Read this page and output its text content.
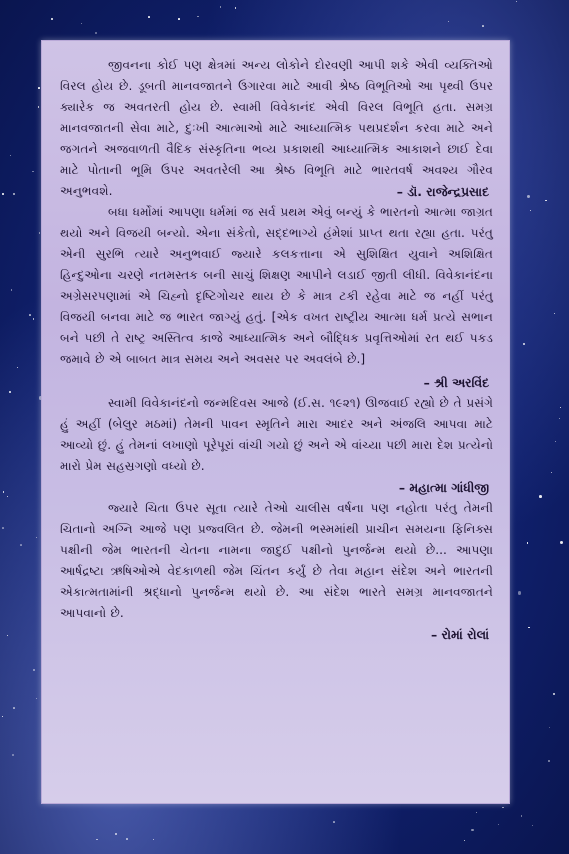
જીવનના કોઈ પણ ક્ષેત્રમાં અન્ય લોકોને દોરવણી આપી શકે એવી વ્યક્તિઓ વિરલ હોય છે. ડૂબતી માનવજાતને ઉગારવા માટે આવી શ્રેષ્ઠ વિભૂતિઓ આ પૃથ્વી ઉપર ક્યારેક જ અવતરતી હોય છે. સ્વામી વિવેકાનંદ એવી વિરલ વિભૂતિ હતા. સમગ્ર માનવજાતની સેવા માટે, દુઃખી આત્માઓ માટે આધ્યાત્મિક પથપ્રદર્શન કરવા માટે અને જગતને અજવાળતી વૈદિક સંસ્કૃતિના ભવ્ય પ્રકાશથી આધ્યાત્મિક આકાશને છાઈ દેવા માટે પોતાની ભૂમિ ઉપર અવતરેલી આ શ્રેષ્ઠ વિભૂતિ માટે ભારતવર્ષ અવશ્ય ગૌરવ અનુભવશે.	– ડૉ. રાજેન્દ્રપ્રસાદ

બધા ધર્મોમાં આપણા ધર્મમાં જ સર્વ પ્રથમ એવું બન્યું કે ભારતનો આત્મા જાગ્રત થયો અને વિજયી બન્યો. એના સંકેતો, સદ્દભાગ્યે હંમેશાં પ્રાપ્ત થતા રહ્યા હતા. પરંતુ એની સુરભિ ત્યારે અનુભવાઈ જ્યારે કલકત્તાના એ સુશિક્ષિત યુવાને અશિક્ષિત હિન્દુઓના ચરણે નતમસ્તક બની સાચું શિક્ષણ આપીને લડાઈ જીતી લીધી. વિવેકાનંદના અગ્રેસરપણામાં એ ચિહ્નો દૃષ્ટિગોચર થાય છે કે માત્ર ટકી રહેવા માટે જ નહીં પરંતુ વિજયી બનવા માટે જ ભારત જાગ્યું હતું. [એક વખત રાષ્ટ્રીય આત્મા ધર્મ પ્રત્યે સભાન બને પછી તે રાષ્ટ્ર અસ્તિત્વ કાજે આધ્યાત્મિક અને બૌદ્ધિક પ્રવૃત્તિઓમાં રત થઈ પકડ જમાવે છે એ બાબત માત્ર સમય અને અવસર પર અવલંબે છે.]

– શ્રી અરવિંદ

સ્વામી વિવેકાનંદનો જન્મદિવસ આજે (ઈ.સ. ૧૯૨૧) ઊજવાઈ રહ્યો છે તે પ્રસંગે હું અહીં (બેલુર મઠમાં) તેમની પાવન સ્મૃતિને મારા આદર અને અંજલિ આપવા માટે આવ્યો છું. હું તેમનાં લખાણો પૂરેપૂરાં વાંચી ગયો છું અને એ વાંચ્યા પછી મારા દેશ પ્રત્યેનો મારો પ્રેમ સહસ્રગણો વધ્યો છે.

– મહાત્મા ગાંધીજી

જ્યારે ચિતા ઉપર સૂતા ત્યારે તેઓ ચાલીસ વર્ષના પણ નહોતા પરંતુ તેમની ચિતાનો અગ્નિ આજે પણ પ્રજ્વલિત છે. જેમની ભસ્મમાંથી પ્રાચીન સમયના ફિનિક્સ પક્ષીની જેમ ભારતની ચેતના નામના જાદુઈ પક્ષીનો પુનર્જન્મ થયો છે... આપણા આર્ષદ્રષ્ટા ઋષિઓએ વેદકાળથી જેમ ચિંતન કર્યું છે તેવા મહાન સંદેશ અને ભારતની એકાત્મતામાંની શ્રદ્ધાનો પુનર્જન્મ થયો છે. આ સંદેશ ભારતે સમગ્ર માનવજાતને આપવાનો છે.

– રોમાં રોલાં
